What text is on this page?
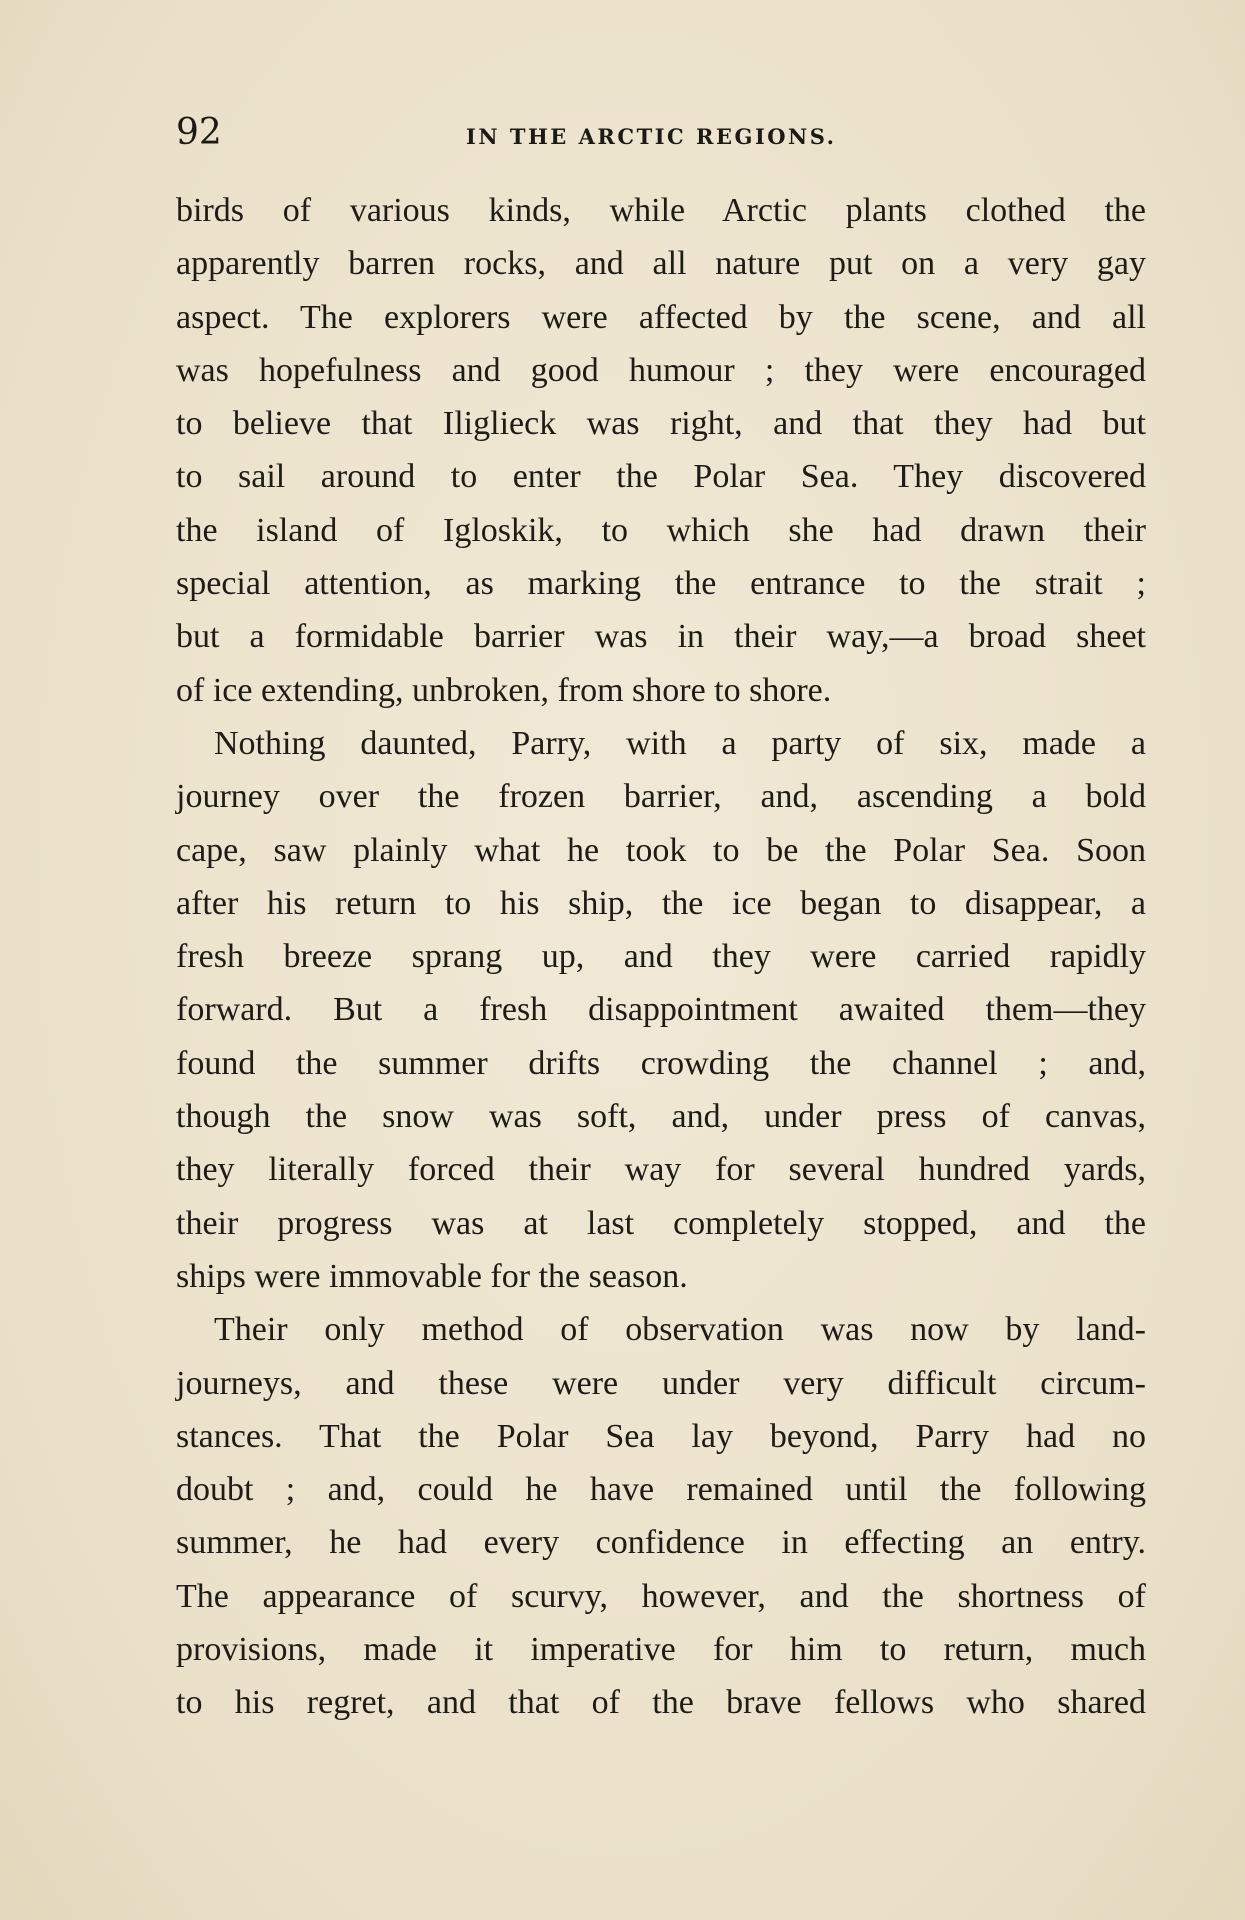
92	IN THE ARCTIC REGIONS.
birds of various kinds, while Arctic plants clothed the
apparently barren rocks, and all nature put on a very gay
aspect. The explorers were affected by the scene, and all
was hopefulness and good humour ; they were encouraged
to believe that Iliglieck was right, and that they had but
to sail around to enter the Polar Sea. They discovered
the island of Igloskik, to which she had drawn their
special attention, as marking the entrance to the strait ;
but a formidable barrier was in their way,—a broad sheet
of ice extending, unbroken, from shore to shore.
Nothing daunted, Parry, with a party of six, made a
journey over the frozen barrier, and, ascending a bold
cape, saw plainly what he took to be the Polar Sea. Soon
after his return to his ship, the ice began to disappear, a
fresh breeze sprang up, and they were carried rapidly
forward. But a fresh disappointment awaited them—they
found the summer drifts crowding the channel ; and,
though the snow was soft, and, under press of canvas,
they literally forced their way for several hundred yards,
their progress was at last completely stopped, and the
ships were immovable for the season.
Their only method of observation was now by land-
journeys, and these were under very difficult circum-
stances. That the Polar Sea lay beyond, Parry had no
doubt ; and, could he have remained until the following
summer, he had every confidence in effecting an entry.
The appearance of scurvy, however, and the shortness of
provisions, made it imperative for him to return, much
to his regret, and that of the brave fellows who shared
